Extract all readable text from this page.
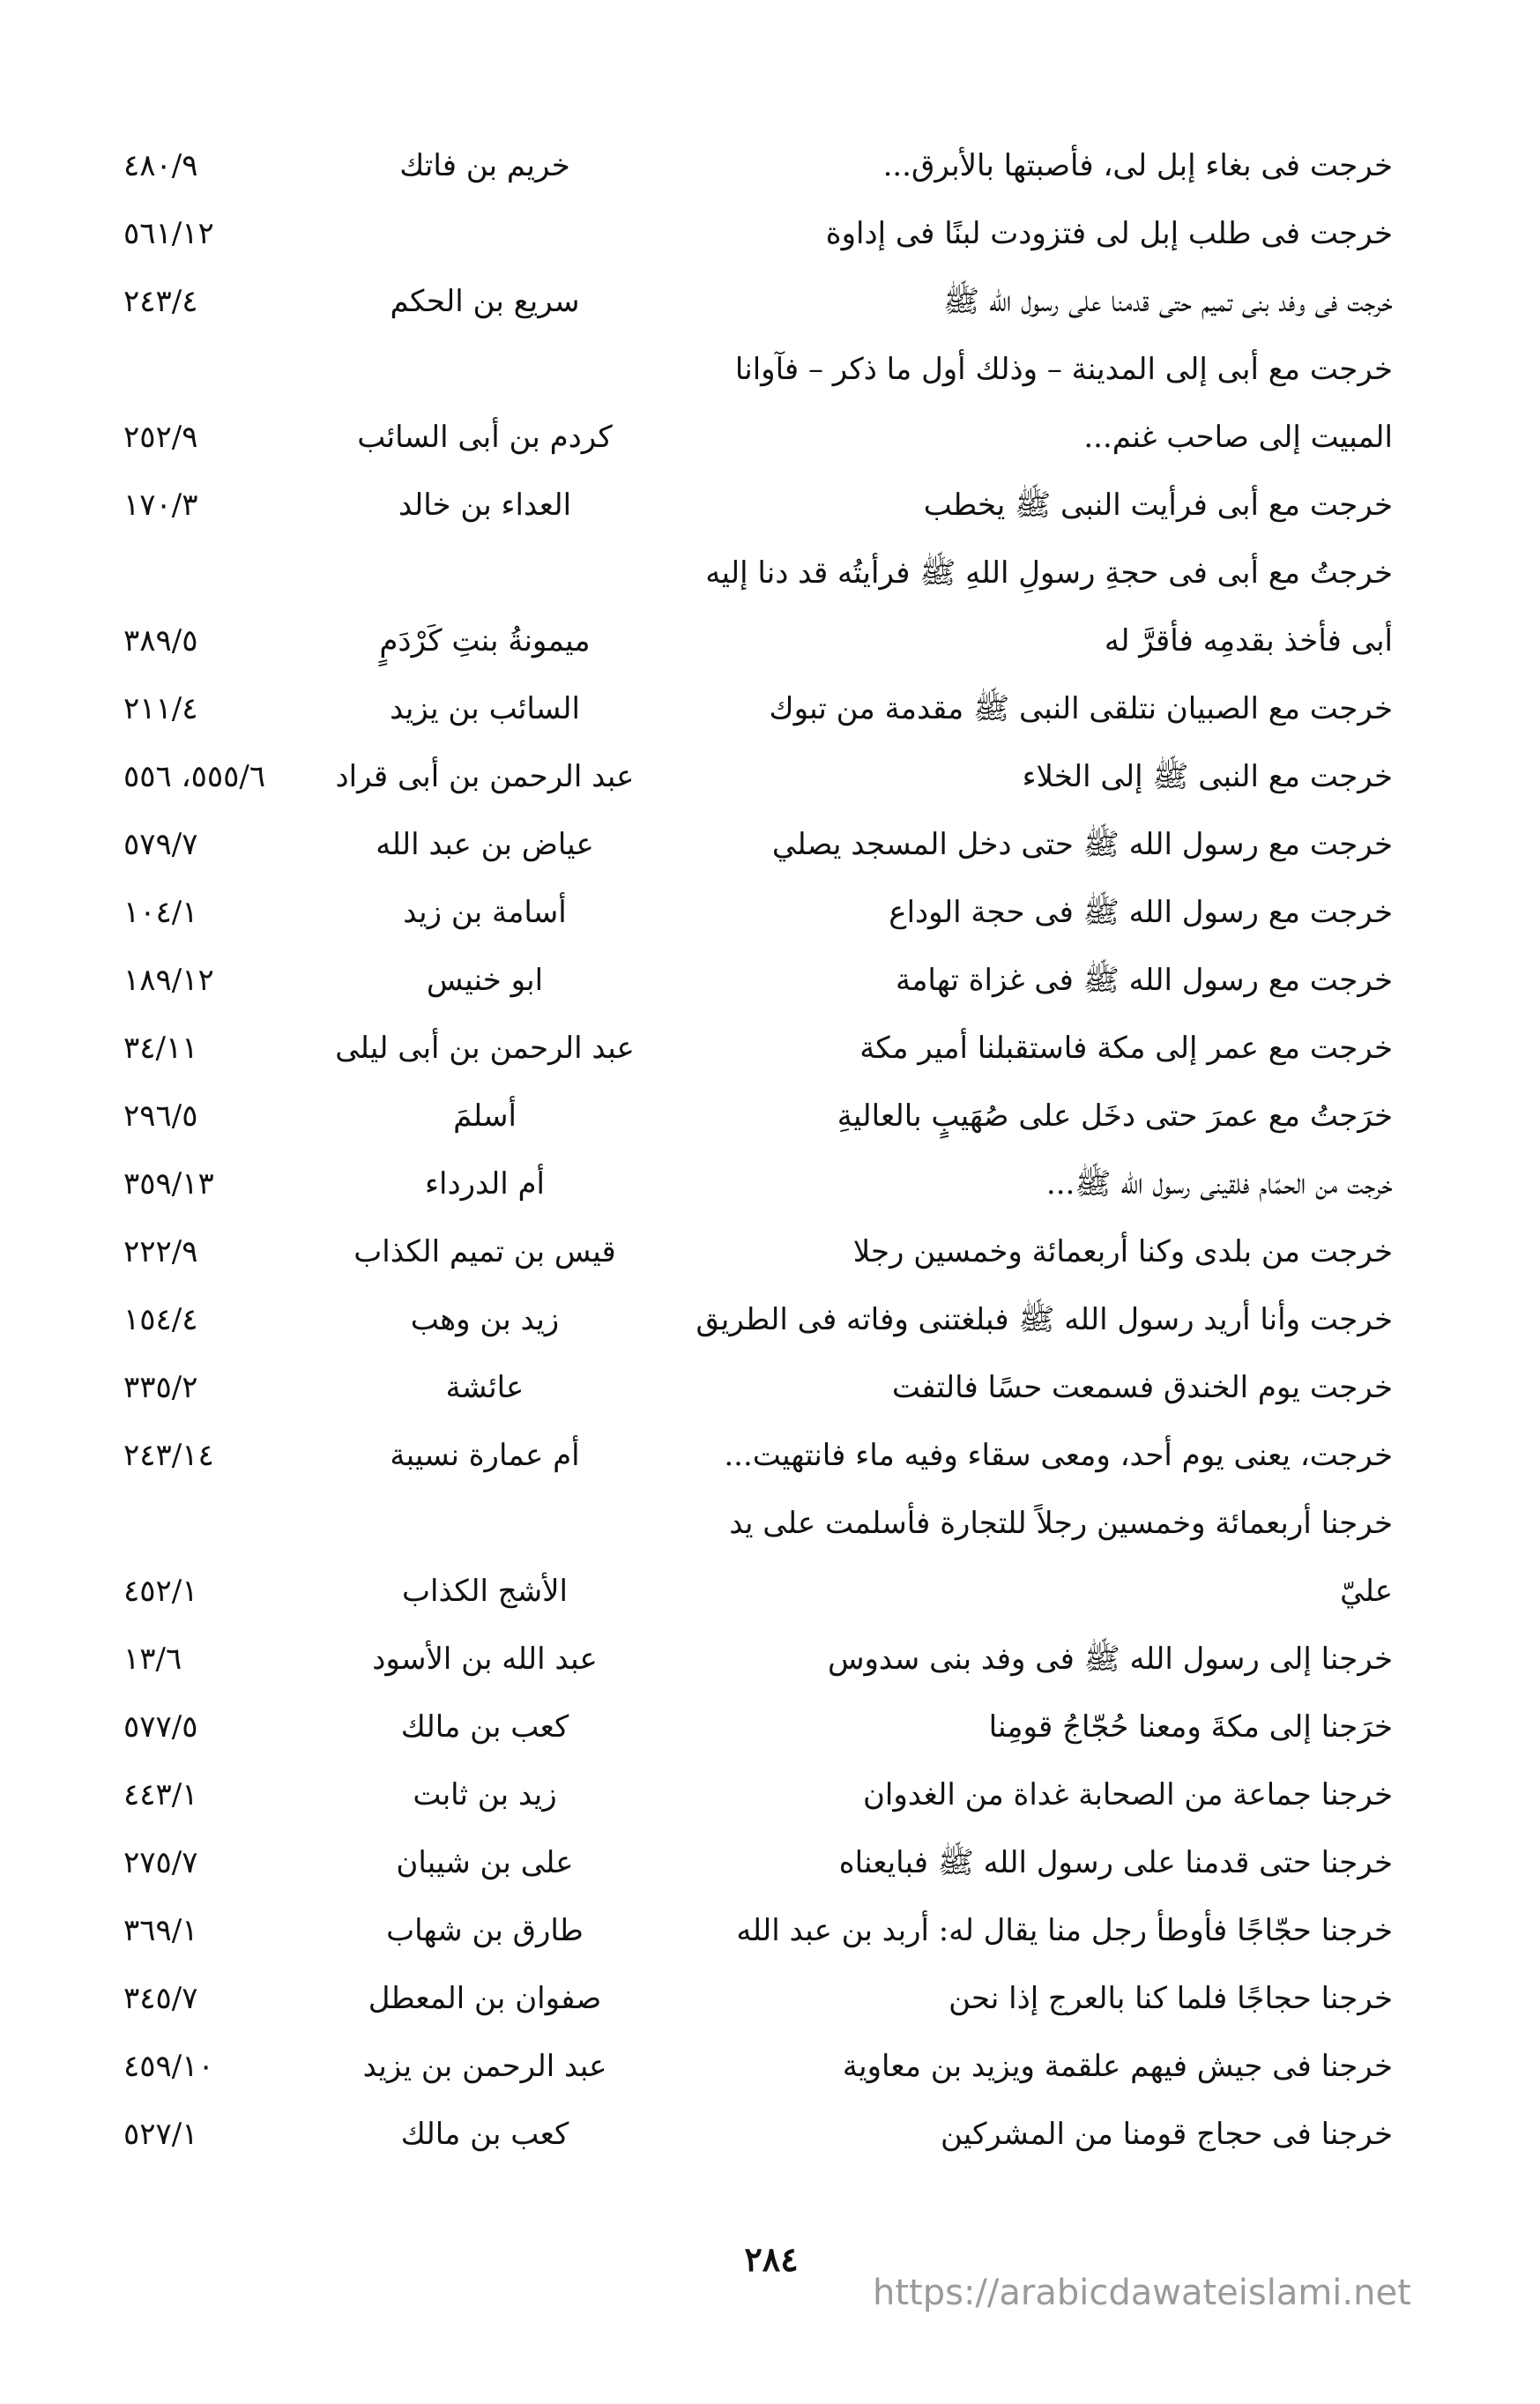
خرجت فى بغاء إبل لى، فأصبتها بالأبرق...
خريم بن فاتك
٤٨٠/٩
خرجت فى طلب إبل لى فتزودت لبنًا فى إداوة
٥٦١/١٢
خرجت فى وفد بنى تميم حتى قدمنا على رسول الله ﷺ
سريع بن الحكم
٢٤٣/٤
خرجت مع أبى إلى المدينة – وذلك أول ما ذكر – فآوانا المبيت إلى صاحب غنم...
كردم بن أبى السائب
٢٥٢/٩
خرجت مع أبى فرأيت النبى ﷺ يخطب
العداء بن خالد
١٧٠/٣
خرجتُ مع أبى فى حجةِ رسولِ اللهِ ﷺ فرأيتُه قد دنا إليه أبى فأخذ بقدمِه فأقرَّ له
ميمونةُ بنتِ كَرْدَمٍ
٣٨٩/٥
خرجت مع الصبيان نتلقى النبى ﷺ مقدمة من تبوك
السائب بن يزيد
٢١١/٤
خرجت مع النبى ﷺ إلى الخلاء
عبد الرحمن بن أبى قراد
٥٥٥/٦، ٥٥٦
خرجت مع رسول الله ﷺ حتى دخل المسجد يصلي
عياض بن عبد الله
٥٧٩/٧
خرجت مع رسول الله ﷺ فى حجة الوداع
أسامة بن زيد
١٠٤/١
خرجت مع رسول الله ﷺ فى غزاة تهامة
ابو خنيس
١٨٩/١٢
خرجت مع عمر إلى مكة فاستقبلنا أمير مكة
عبد الرحمن بن أبى ليلى
٣٤/١١
خرَجتُ مع عمرَ حتى دخَل على صُهَيبٍ بالعاليةِ
أسلمَ
٢٩٦/٥
خرجت من الحمّام فلقينى رسول الله ﷺ...
أم الدرداء
٣٥٩/١٣
خرجت من بلدى وكنا أربعمائة وخمسين رجلا
قيس بن تميم الكذاب
٢٢٢/٩
خرجت وأنا أريد رسول الله ﷺ فبلغتنى وفاته فى الطريق
زيد بن وهب
١٥٤/٤
خرجت يوم الخندق فسمعت حسًا فالتفت
عائشة
٣٣٥/٢
خرجت، يعنى يوم أحد، ومعى سقاء وفيه ماء فانتهيت...
أم عمارة نسيبة
٢٤٣/١٤
خرجنا أربعمائة وخمسين رجلاً للتجارة فأسلمت على يد عليّ
الأشج الكذاب
٤٥٢/١
خرجنا إلى رسول الله ﷺ فى وفد بنى سدوس
عبد الله بن الأسود
١٣/٦
خرَجنا إلى مكةَ ومعنا حُجّاجُ قومِنا
كعب بن مالك
٥٧٧/٥
خرجنا جماعة من الصحابة غداة من الغدوان
زيد بن ثابت
٤٤٣/١
خرجنا حتى قدمنا على رسول الله ﷺ فبايعناه
على بن شيبان
٢٧٥/٧
خرجنا حجّاجًا فأوطأ رجل منا يقال له: أربد بن عبد الله
طارق بن شهاب
٣٦٩/١
خرجنا حجاجًا فلما كنا بالعرج إذا نحن
صفوان بن المعطل
٣٤٥/٧
خرجنا فى جيش فيهم علقمة ويزيد بن معاوية
عبد الرحمن بن يزيد
٤٥٩/١٠
خرجنا فى حجاج قومنا من المشركين
كعب بن مالك
٥٢٧/١
٢٨٤
https://arabicdawateislami.net
